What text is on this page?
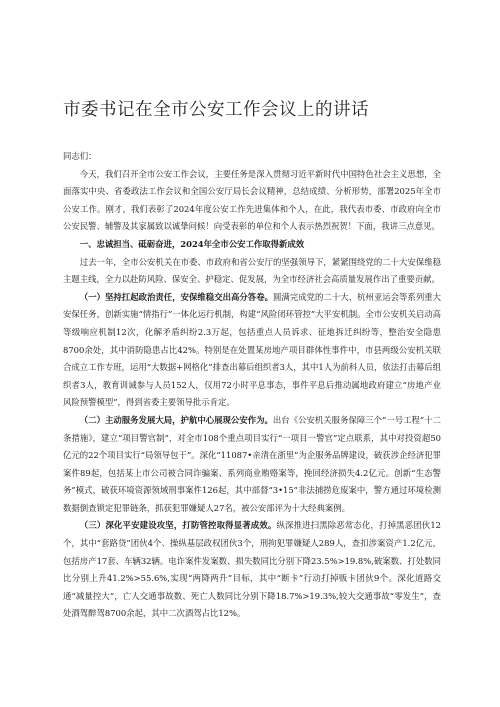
市委书记在全市公安工作会议上的讲话

同志们：

今天，我们召开全市公安工作会议，主要任务是深入贯彻习近平新时代中国特色社会主义思想，全面落实中央、省委政法工作会议和全国公安厅局长会议精神，总结成绩、分析形势，部署2025年全市公安工作。刚才，我们表彰了2024年度公安工作先进集体和个人，在此，我代表市委、市政府向全市公安民警、辅警及其家属致以诚挚问候！向受表彰的单位和个人表示热烈祝贺！下面，我讲三点意见。

一、忠诚担当、砥砺奋进，2024年全市公安工作取得新成效

过去一年，全市公安机关在市委、市政府和省公安厅的坚强领导下，紧紧围绕党的二十大安保维稳主题主线，全力以赴防风险、保安全、护稳定、促发展，为全市经济社会高质量发展作出了重要贡献。

（一）坚持扛起政治责任，安保维稳交出高分答卷。圆满完成党的二十大、杭州亚运会等系列重大安保任务，创新实施“情指行”一体化运行机制，构建“风险闭环管控”大平安机制。全市公安机关启动高等级响应机制12次，化解矛盾纠纷2.3万起，包括重点人员诉求、征地拆迁纠纷等，整治安全隐患8700余处，其中消防隐患占比42%。特别是在处置某房地产项目群体性事件中，市县两级公安机关联合成立工作专班，运用“大数据+网格化”排查出幕后组织者3人，其中1人为前科人员，依法打击幕后组织者3人，教育训诫参与人员152人，仅用72小时平息事态，事件平息后推动属地政府建立“房地产业风险预警模型”，得到省委主要领导批示肯定。

（二）主动服务发展大局，护航中心展现公安作为。出台《公安机关服务保障三个“一号工程”十二条措施》，建立“项目警官制”，对全市108个重点项目实行“一项目一警官”定点联系，其中对投资超50亿元的22个项目实行“局领导包干”。深化“11087•亲清在浙里”为企服务品牌建设，破获涉企经济犯罪案件89起，包括某上市公司被合同诈骗案、系列商业贿赂案等，挽回经济损失4.2亿元。创新“生态警务”模式，破获环境资源领域刑事案件126起，其中部督“3•15”非法捕捞危废案中，警方通过环境检测数据倒查锁定犯罪链条，抓获犯罪嫌疑人27名，被公安部评为十大经典案例。

（三）深化平安建设攻坚，打防管控取得显著成效。纵深推进扫黑除恶常态化，打掉黑恶团伙12个，其中“套路贷”团伙4个、操纵基层政权团伙3个，刑拘犯罪嫌疑人289人，查扣涉案资产1.2亿元，包括房产17套、车辆32辆。电诈案件发案数、损失数同比分别下降23.5%>19.8%,破案数、打处数同比分别上升41.2%>55.6%,实现“两降两升”目标，其中“断卡”行动打掉贩卡团伙9个。深化道路交通“减量控大”，亡人交通事故数、死亡人数同比分别下降18.7%>19.3%,较大交通事故“零发生”，查处酒驾醉驾8700余起，其中二次酒驾占比12%。
